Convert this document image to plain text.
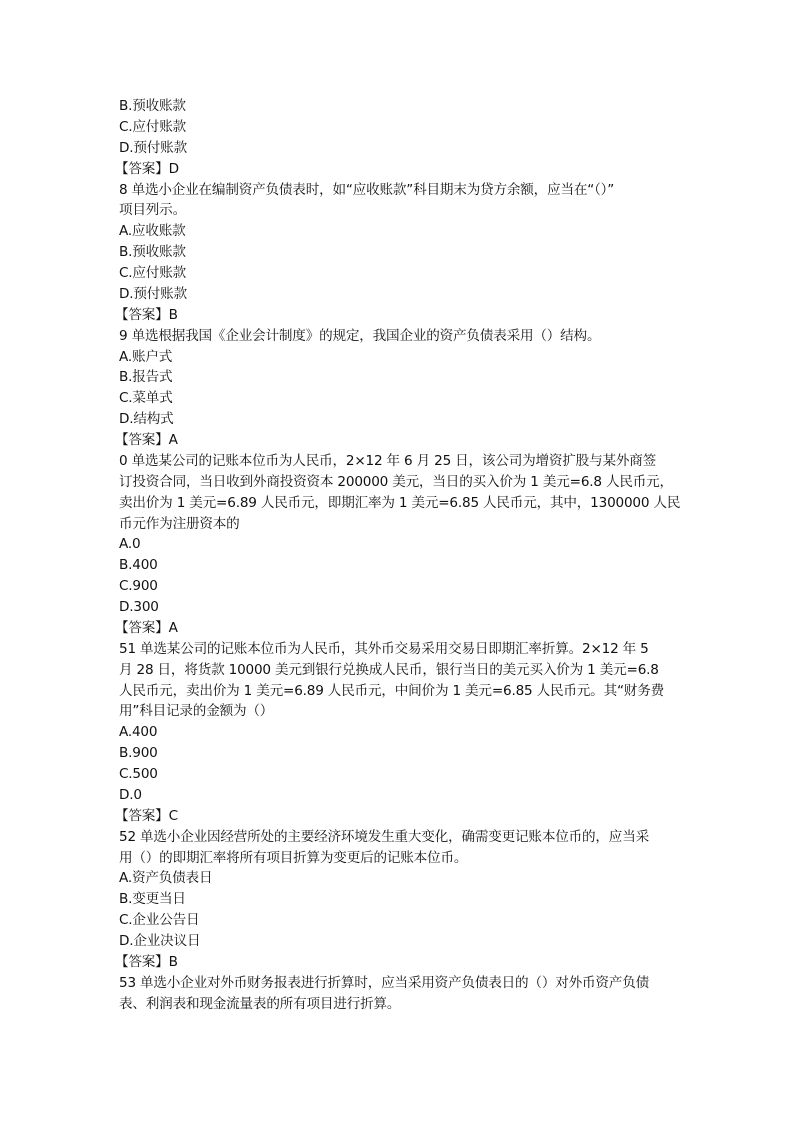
B.预收账款
C.应付账款
D.预付账款
【答案】D
8 单选小企业在编制资产负债表时，如“应收账款”科目期末为贷方余额，应当在“（）”
项目列示。
A.应收账款
B.预收账款
C.应付账款
D.预付账款
【答案】B
9 单选根据我国《企业会计制度》的规定，我国企业的资产负债表采用（）结构。
A.账户式
B.报告式
C.菜单式
D.结构式
【答案】A
0 单选某公司的记账本位币为人民币，2×12 年 6 月 25 日，该公司为增资扩股与某外商签
订投资合同，当日收到外商投资资本 200000 美元，当日的买入价为 1 美元=6.8 人民币元，
卖出价为 1 美元=6.89 人民币元，即期汇率为 1 美元=6.85 人民币元，其中，1300000 人民
币元作为注册资本的
A.0
B.400
C.900
D.300
【答案】A
51 单选某公司的记账本位币为人民币，其外币交易采用交易日即期汇率折算。2×12 年 5
月 28 日，将货款 10000 美元到银行兑换成人民币，银行当日的美元买入价为 1 美元=6.8
人民币元，卖出价为 1 美元=6.89 人民币元，中间价为 1 美元=6.85 人民币元。其“财务费
用”科目记录的金额为（）
A.400
B.900
C.500
D.0
【答案】C
52 单选小企业因经营所处的主要经济环境发生重大变化，确需变更记账本位币的，应当采
用（）的即期汇率将所有项目折算为变更后的记账本位币。
A.资产负债表日
B.变更当日
C.企业公告日
D.企业决议日
【答案】B
53 单选小企业对外币财务报表进行折算时，应当采用资产负债表日的（）对外币资产负债
表、利润表和现金流量表的所有项目进行折算。
